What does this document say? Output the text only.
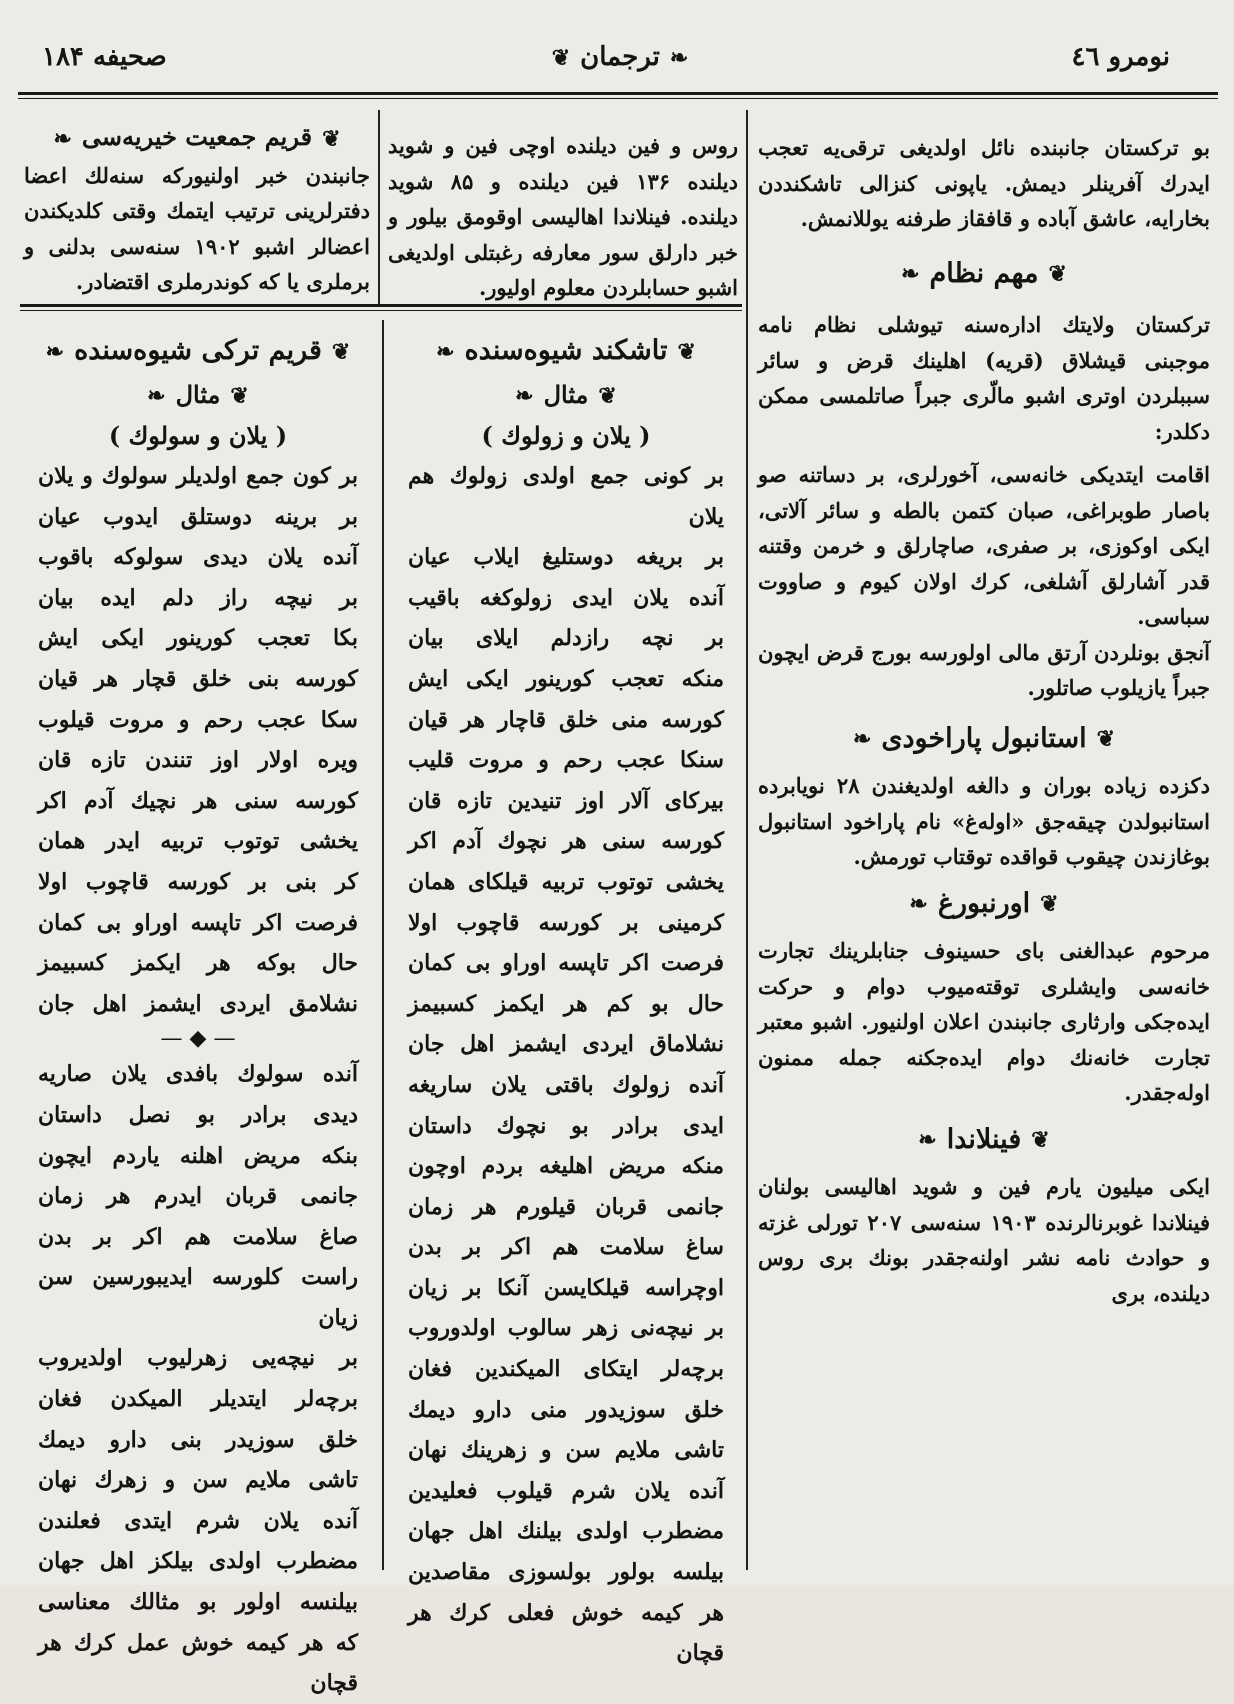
صحیفه ۱۸۴	❦ ترجمان ❧	نومرو ٤٦

بو ترکستان جانبنده نائل اولدیغی ترقی‌یه تعجب ایدرك آفرینلر دیمش. یاپونی کنزالی تاشکنددن بخارایه، عاشق آباده و قافقاز طرفنه یوللانمش.

❦مهم نظام❧

ترکستان ولایتك اداره‌سنه تیوشلی نظام نامه موجبنی قیشلاق (قریه) اهلینك قرض و سائر سببلردن اوتری اشبو مالّری جبراً صاتلمسی ممکن دکلدر:

اقامت ایتدیکی خانه‌سی، آخورلری، بر دساتنه صو باصار طوبراغی، صبان کتمن بالطه و سائر آلاتی، ایکی اوکوزی، بر صفری، صاچارلق و خرمن وقتنه قدر آشارلق آشلغی، کرك اولان کیوم و صاووت سباسی.

آنجق بونلردن آرتق مالی اولورسه بورج قرض ایچون جبراً یازیلوب صاتلور.

❦استانبول پاراخودی❧

دکزده زیاده بوران و دالغه اولدیغندن ۲۸ نویابرده استانبولدن چیقه‌جق «اوله‌غ» نام پاراخود استانبول بوغازندن چیقوب قواقده توقتاب تورمش.

❦اورنبورغ❧

مرحوم عبدالغنی بای حسینوف جنابلرینك تجارت خانه‌سی وایشلری توقته‌میوب دوام و حرکت ایده‌جکی وارثاری جانبندن اعلان اولنیور. اشبو معتبر تجارت خانه‌نك دوام ایده‌جکنه جمله ممنون اوله‌جقدر.

❦فینلاندا❧

ایکی میلیون یارم فین و شوید اهالیسی بولنان فینلاندا غوبرنالرنده ۱۹۰۳ سنه‌سی ۲۰۷ تورلی غزته و حوادث نامه نشر اولنه‌جقدر بونك بری روس دیلنده، بری

روس و فین دیلنده اوچی فین و شوید دیلنده ۱۳۶ فین دیلنده و ۸۵ شوید دیلنده. فینلاندا اهالیسی اوقومق بیلور و خبر دارلق سور معارفه رغبتلی اولدیغی اشبو حسابلردن معلوم اولیور.

❦قریم جمعیت خیریه‌سی❧

جانبندن خبر اولنیورکه سنه‌لك اعضا دفترلرینی ترتیب ایتمك وقتی کلدیکندن اعضالر اشبو ۱۹۰۲ سنه‌سی بدلنی و برملری یا که کوندرملری اقتضادر.

❦تاشکند شیوه‌سنده❧

❦مثال❧

( یلان و زولوك )

بر کونی جمع اولدی زولوك هم یلان

بر بریغه دوستلیغ ایلاب عیان

آنده یلان ایدی زولوکغه باقیب

بر نچه رازدلم ایلای بیان

منکه تعجب کورینور ایکی ایش

کورسه منی خلق قاچار هر قیان

سنکا عجب رحم و مروت قلیب

بیرکای آلار اوز تنیدین تازه قان

کورسه سنی هر نچوك آدم اکر

یخشی توتوب تربیه قیلکای همان

کرمینی بر کورسه قاچوب اولا

فرصت اکر تاپسه اوراو بی کمان

حال بو کم هر ایکمز کسبیمز

نشلاماق ایردی ایشمز اهل جان

آنده زولوك باقتی یلان ساریغه

ایدی برادر بو نچوك داستان

منکه مریض اهلیغه بردم اوچون

جانمی قربان قیلورم هر زمان

ساغ سلامت هم اکر بر بدن

اوچراسه قیلکایسن آنکا بر زیان

بر نیچه‌نی زهر سالوب اولدوروب

برچه‌لر ایتکای المیکندین فغان

خلق سوزیدور منی دارو دیمك

تاشی ملایم سن و زهرینك نهان

آنده یلان شرم قیلوب فعلیدین

مضطرب اولدی بیلنك اهل جهان

بیلسه بولور بولسوزی مقاصدین

هر کیمه خوش فعلی کرك هر قچان

❦قریم ترکی شیوه‌سنده❧

❦مثال❧

( یلان و سولوك )

بر کون جمع اولدیلر سولوك و یلان

بر برینه دوستلق ایدوب عیان

آنده یلان دیدی سولوکه باقوب

بر نیچه راز دلم ایده بیان

بکا تعجب کورینور ایکی ایش

کورسه بنی خلق قچار هر قیان

سکا عجب رحم و مروت قیلوب

ویره اولار اوز تنندن تازه قان

کورسه سنی هر نچیك آدم اکر

یخشی توتوب تربیه ایدر همان

کر بنی بر کورسه قاچوب اولا

فرصت اکر تاپسه اوراو بی کمان

حال بوکه هر ایکمز کسبیمز

نشلامق ایردی ایشمز اهل جان

— ◆ —

آنده سولوك بافدی یلان صاریه

دیدی برادر بو نصل داستان

بنکه مریض اهلنه یاردم ایچون

جانمی قربان ایدرم هر زمان

صاغ سلامت هم اکر بر بدن

راست کلورسه ایدیبورسین سن زیان

بر نیچه‌یی زهرلیوب اولدیروب

برچه‌لر ایتدیلر المیکدن فغان

خلق سوزیدر بنی دارو دیمك

تاشی ملایم سن و زهرك نهان

آنده یلان شرم ایتدی فعلندن

مضطرب اولدی بیلکز اهل جهان

بیلنسه اولور بو مثالك معناسی

که هر کیمه خوش عمل کرك هر قچان
